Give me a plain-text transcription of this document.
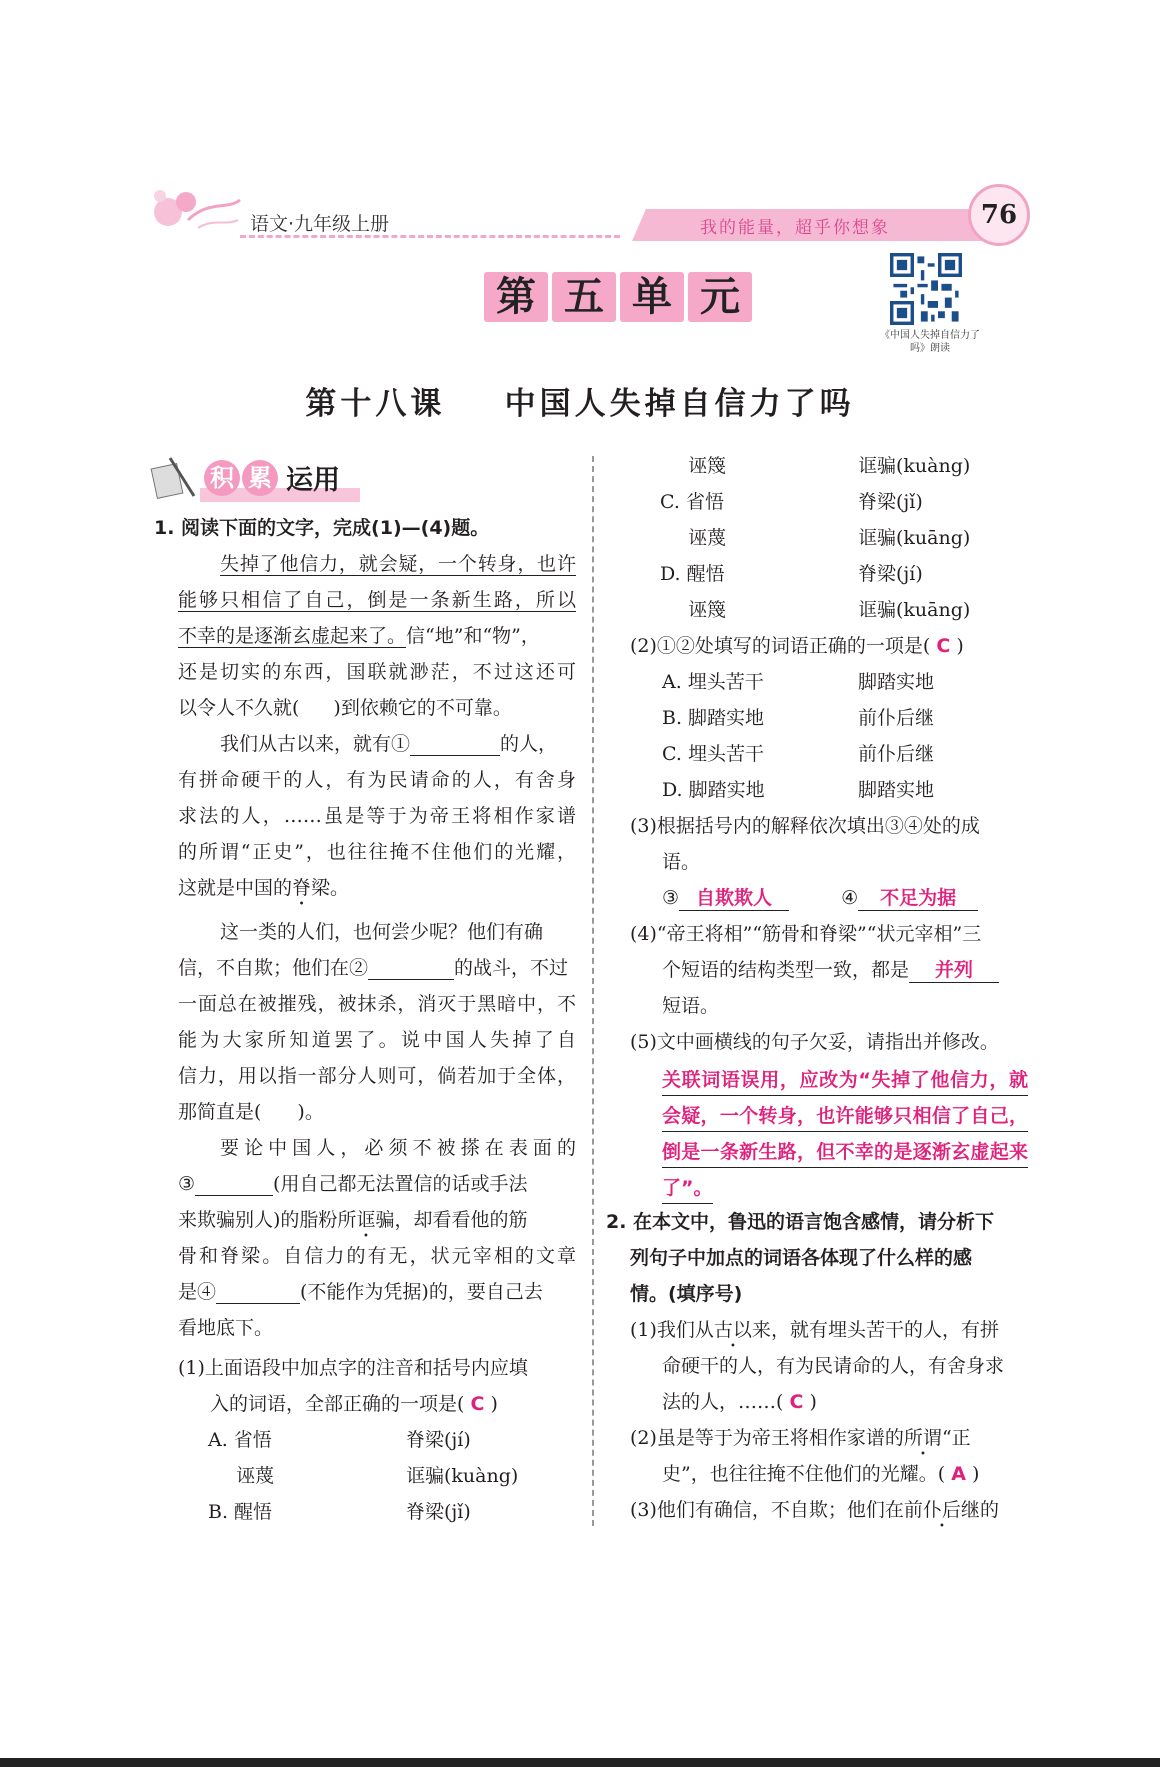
语文·九年级上册	我的能量，超乎你想象	76
第 五 单 元
《中国人失掉自信力了吗》朗读
第十八课    中国人失掉自信力了吗
积 累 运用
1. 阅读下面的文字，完成(1)—(4)题。
失掉了他信力，就会疑，一个转身，也许
能够只相信了自己，倒是一条新生路，所以
不幸的是逐渐玄虚起来了。信“地”和“物”，
还是切实的东西，国联就渺茫，不过这还可
以令人不久就( )到依赖它的不可靠。
我们从古以来，就有①	的人，
有拼命硬干的人，有为民请命的人，有舍身
求法的人，……虽是等于为帝王将相作家谱
的所谓“正史”，也往往掩不住他们的光耀，
这就是中国的脊梁。
这一类的人们，也何尝少呢？他们有确
信，不自欺；他们在②	的战斗，不过
一面总在被摧残，被抹杀，消灭于黑暗中，不
能为大家所知道罢了。说中国人失掉了自
信力，用以指一部分人则可，倘若加于全体，
那简直是( )。
要论中国人，必须不被搽在表面的
③	(用自己都无法置信的话或手法
来欺骗别人)的脂粉所诓骗，却看看他的筋
骨和脊梁。自信力的有无，状元宰相的文章
是④	(不能作为凭据)的，要自己去
看地底下。
(1)上面语段中加点字的注音和括号内应填
入的词语，全部正确的一项是( C )
A. 省悟	脊梁(jí)
诬蔑	诓骗(kuàng)
B. 醒悟	脊梁(jǐ)
诬篾	诓骗(kuàng)
C. 省悟	脊梁(jǐ)
诬蔑	诓骗(kuāng)
D. 醒悟	脊梁(jí)
诬篾	诓骗(kuāng)
(2)①②处填写的词语正确的一项是( C )
A. 埋头苦干	脚踏实地
B. 脚踏实地	前仆后继
C. 埋头苦干	前仆后继
D. 脚踏实地	脚踏实地
(3)根据括号内的解释依次填出③④处的成
语。
③ 自欺欺人	④ 不足为据
(4)“帝王将相”“筋骨和脊梁”“状元宰相”三
个短语的结构类型一致，都是 并列
短语。
(5)文中画横线的句子欠妥，请指出并修改。
关联词语误用，应改为“失掉了他信力，就会疑，一个转身，也许能够只相信了自己，倒是一条新生路，但不幸的是逐渐玄虚起来了”。
2. 在本文中，鲁迅的语言饱含感情，请分析下
列句子中加点的词语各体现了什么样的感
情。(填序号)
(1)我们从古以来，就有埋头苦干的人，有拼
命硬干的人，有为民请命的人，有舍身求
法的人，……( C )
(2)虽是等于为帝王将相作家谱的所谓“正
史”，也往往掩不住他们的光耀。( A )
(3)他们有确信，不自欺；他们在前仆后继的
